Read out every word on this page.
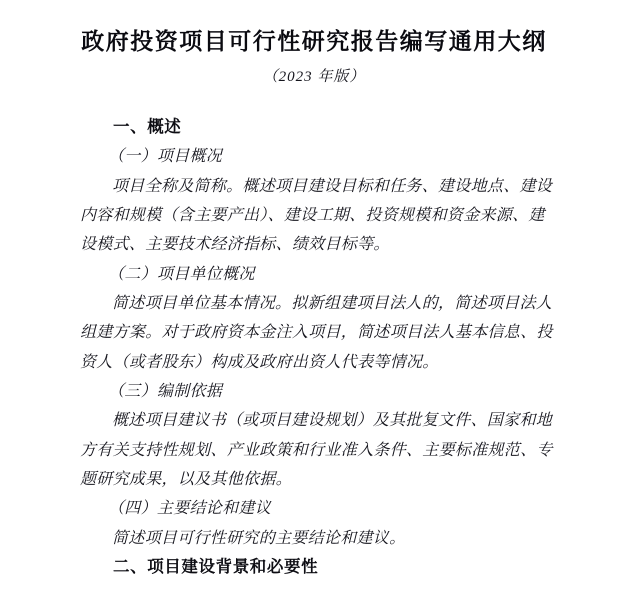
政府投资项目可行性研究报告编写通用大纲
（2023 年版）
一、概述
（一）项目概况
项目全称及简称。概述项目建设目标和任务、建设地点、建设
内容和规模（含主要产出）、建设工期、投资规模和资金来源、建
设模式、主要技术经济指标、绩效目标等。
（二）项目单位概况
简述项目单位基本情况。拟新组建项目法人的，简述项目法人
组建方案。对于政府资本金注入项目，简述项目法人基本信息、投
资人（或者股东）构成及政府出资人代表等情况。
（三）编制依据
概述项目建议书（或项目建设规划）及其批复文件、国家和地
方有关支持性规划、产业政策和行业准入条件、主要标准规范、专
题研究成果，以及其他依据。
（四）主要结论和建议
简述项目可行性研究的主要结论和建议。
二、项目建设背景和必要性
